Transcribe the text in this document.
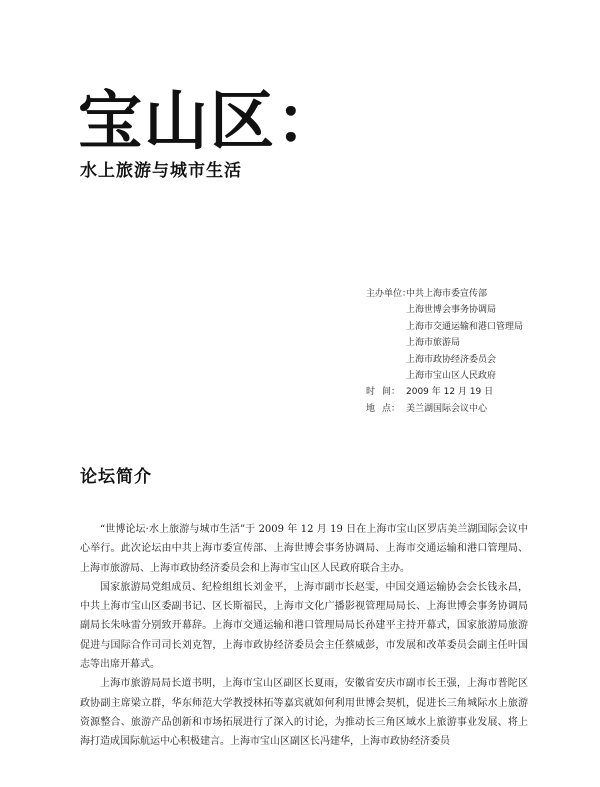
宝山区：
水上旅游与城市生活
主办单位：
中共上海市委宣传部
上海世博会事务协调局
上海市交通运输和港口管理局
上海市旅游局
上海市政协经济委员会
上海市宝山区人民政府
时 间： 2009 年 12 月 19 日
地 点： 美兰湖国际会议中心
论坛简介

“世博论坛·水上旅游与城市生活”于 2009 年 12 月 19 日在上海市宝山区罗店美兰湖国际会议中心举行。此次论坛由中共上海市委宣传部、上海世博会事务协调局、上海市交通运输和港口管理局、上海市旅游局、上海市政协经济委员会和上海市宝山区人民政府联合主办。

国家旅游局党组成员、纪检组组长刘金平，上海市副市长赵雯，中国交通运输协会会长钱永昌，中共上海市宝山区委副书记、区长斯福民，上海市文化广播影视管理局局长、上海世博会事务协调局副局长朱咏雷分别致开幕辞。上海市交通运输和港口管理局局长孙建平主持开幕式，国家旅游局旅游促进与国际合作司司长刘克智，上海市政协经济委员会主任蔡威彭，市发展和改革委员会副主任叶国志等出席开幕式。

上海市旅游局局长道书明，上海市宝山区副区长夏雨，安徽省安庆市副市长王强，上海市普陀区政协副主席梁立群，华东师范大学教授林拓等嘉宾就如何利用世博会契机，促进长三角城际水上旅游资源整合、旅游产品创新和市场拓展进行了深入的讨论，为推动长三角区域水上旅游事业发展、将上海打造成国际航运中心积极建言。上海市宝山区副区长冯建华，上海市政协经济委员
